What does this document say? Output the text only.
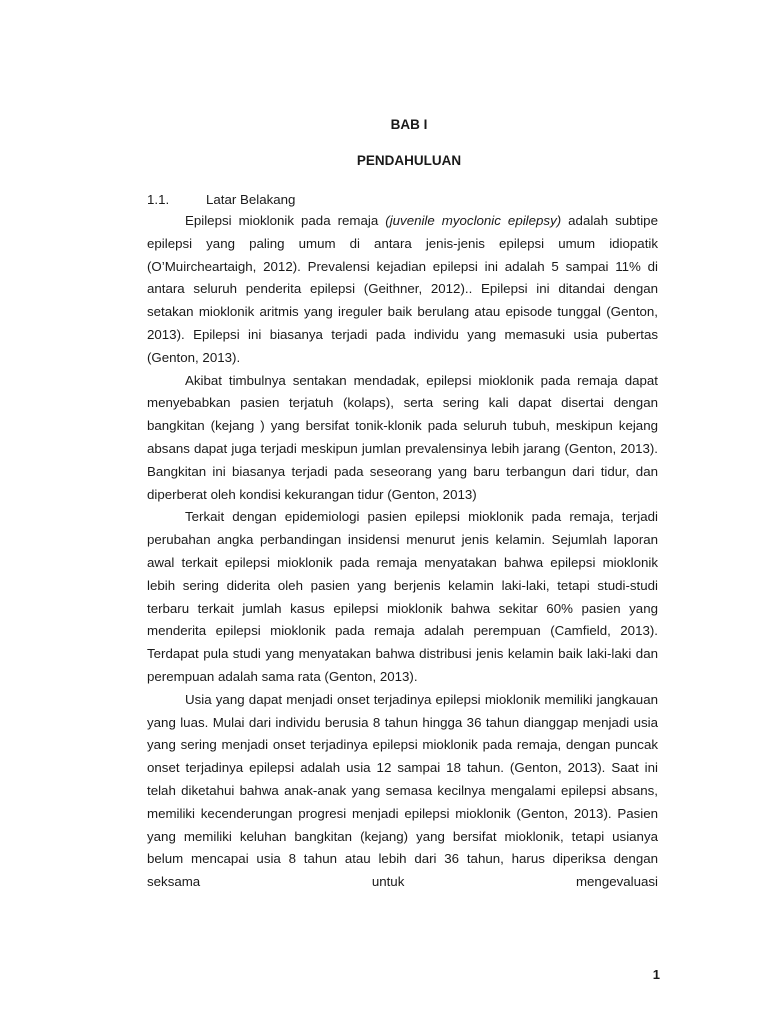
BAB I
PENDAHULUAN
1.1.	Latar Belakang

Epilepsi mioklonik pada remaja (juvenile myoclonic epilepsy) adalah subtipe epilepsi yang paling umum di antara jenis-jenis epilepsi umum idiopatik (O’Muircheartaigh, 2012). Prevalensi kejadian epilepsi ini adalah 5 sampai 11% di antara seluruh penderita epilepsi (Geithner, 2012).. Epilepsi ini ditandai dengan setakan mioklonik aritmis yang ireguler baik berulang atau episode tunggal (Genton, 2013). Epilepsi ini biasanya terjadi pada individu yang memasuki usia pubertas (Genton, 2013).

Akibat timbulnya sentakan mendadak, epilepsi mioklonik pada remaja dapat menyebabkan pasien terjatuh (kolaps), serta sering kali dapat disertai dengan bangkitan (kejang ) yang bersifat tonik-klonik pada seluruh tubuh, meskipun kejang absans dapat juga terjadi meskipun jumlan prevalensinya lebih jarang (Genton, 2013). Bangkitan ini biasanya terjadi pada seseorang yang baru terbangun dari tidur, dan diperberat oleh kondisi kekurangan tidur (Genton, 2013)

Terkait dengan epidemiologi pasien epilepsi mioklonik pada remaja, terjadi perubahan angka perbandingan insidensi menurut jenis kelamin. Sejumlah laporan awal terkait epilepsi mioklonik pada remaja menyatakan bahwa epilepsi mioklonik lebih sering diderita oleh pasien yang berjenis kelamin laki-laki, tetapi studi-studi terbaru terkait jumlah kasus epilepsi mioklonik bahwa sekitar 60% pasien yang menderita epilepsi mioklonik pada remaja adalah perempuan (Camfield, 2013). Terdapat pula studi yang menyatakan bahwa distribusi jenis kelamin baik laki-laki dan perempuan adalah sama rata (Genton, 2013).

Usia yang dapat menjadi onset terjadinya epilepsi mioklonik memiliki jangkauan yang luas. Mulai dari individu berusia 8 tahun hingga 36 tahun dianggap menjadi usia yang sering menjadi onset terjadinya epilepsi mioklonik pada remaja, dengan puncak onset terjadinya epilepsi adalah usia 12 sampai 18 tahun. (Genton, 2013). Saat ini telah diketahui bahwa anak-anak yang semasa kecilnya mengalami epilepsi absans, memiliki kecenderungan progresi menjadi epilepsi mioklonik (Genton, 2013). Pasien yang memiliki keluhan bangkitan (kejang) yang bersifat mioklonik, tetapi usianya belum mencapai usia 8 tahun atau lebih dari 36 tahun, harus diperiksa dengan seksama untuk mengevaluasi

1
